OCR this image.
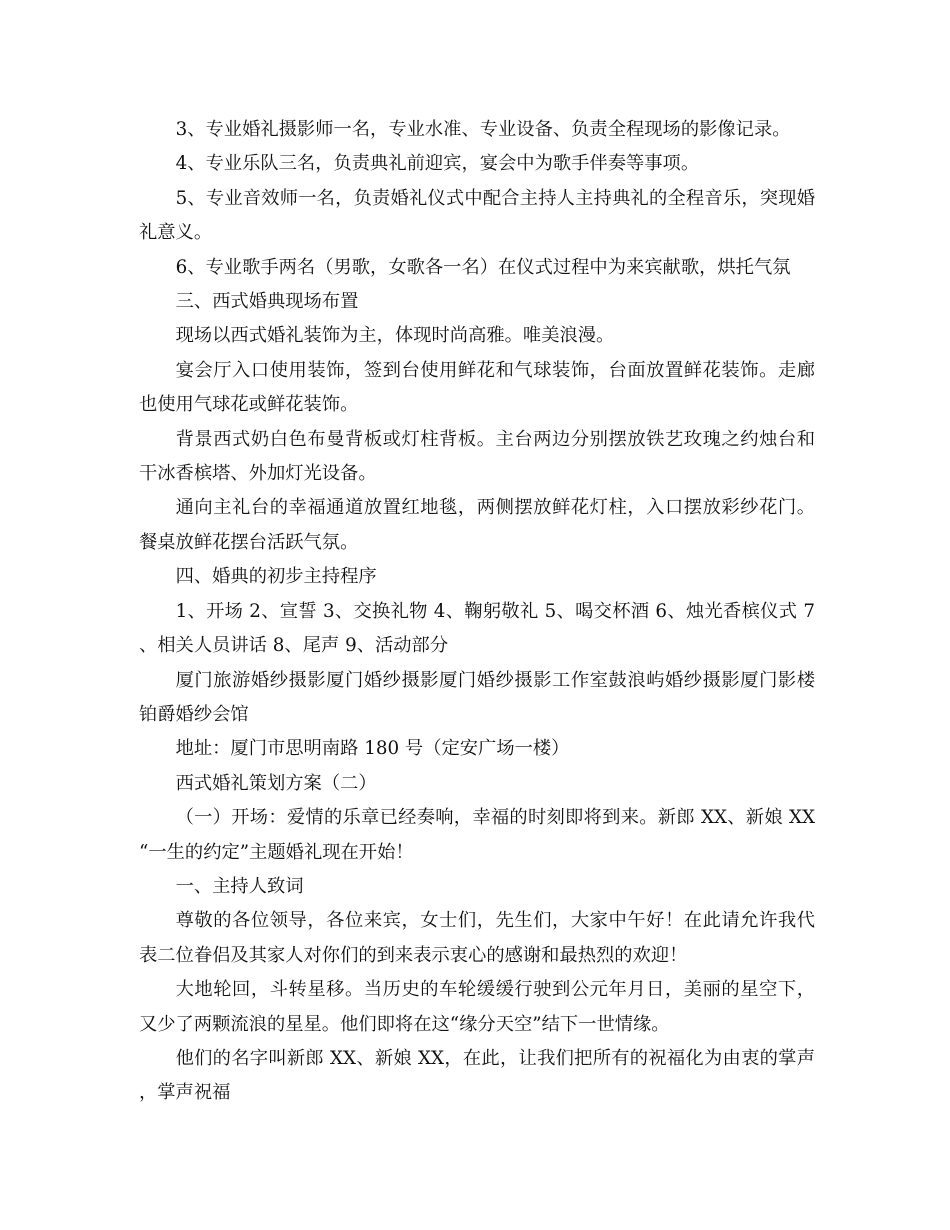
3、专业婚礼摄影师一名，专业水准、专业设备、负责全程现场的影像记录。

4、专业乐队三名，负责典礼前迎宾，宴会中为歌手伴奏等事项。

5、专业音效师一名，负责婚礼仪式中配合主持人主持典礼的全程音乐，突现婚礼意义。

6、专业歌手两名（男歌，女歌各一名）在仪式过程中为来宾献歌，烘托气氛

三、西式婚典现场布置

现场以西式婚礼装饰为主，体现时尚高雅。唯美浪漫。

宴会厅入口使用装饰，签到台使用鲜花和气球装饰，台面放置鲜花装饰。走廊也使用气球花或鲜花装饰。

背景西式奶白色布曼背板或灯柱背板。主台两边分别摆放铁艺玫瑰之约烛台和干冰香槟塔、外加灯光设备。

通向主礼台的幸福通道放置红地毯，两侧摆放鲜花灯柱，入口摆放彩纱花门。餐桌放鲜花摆台活跃气氛。

四、婚典的初步主持程序

1、开场 2、宣誓 3、交换礼物 4、鞠躬敬礼 5、喝交杯酒 6、烛光香槟仪式 7、相关人员讲话 8、尾声 9、活动部分

厦门旅游婚纱摄影厦门婚纱摄影厦门婚纱摄影工作室鼓浪屿婚纱摄影厦门影楼铂爵婚纱会馆

地址：厦门市思明南路 180 号（定安广场一楼）

西式婚礼策划方案（二）

（一）开场：爱情的乐章已经奏响，幸福的时刻即将到来。新郎 XX、新娘 XX“一生的约定”主题婚礼现在开始！

一、主持人致词

尊敬的各位领导，各位来宾，女士们，先生们，大家中午好！在此请允许我代表二位眷侣及其家人对你们的到来表示衷心的感谢和最热烈的欢迎！

大地轮回，斗转星移。当历史的车轮缓缓行驶到公元年月日，美丽的星空下，又少了两颗流浪的星星。他们即将在这“缘分天空”结下一世情缘。

他们的名字叫新郎 XX、新娘 XX，在此，让我们把所有的祝福化为由衷的掌声，掌声祝福
